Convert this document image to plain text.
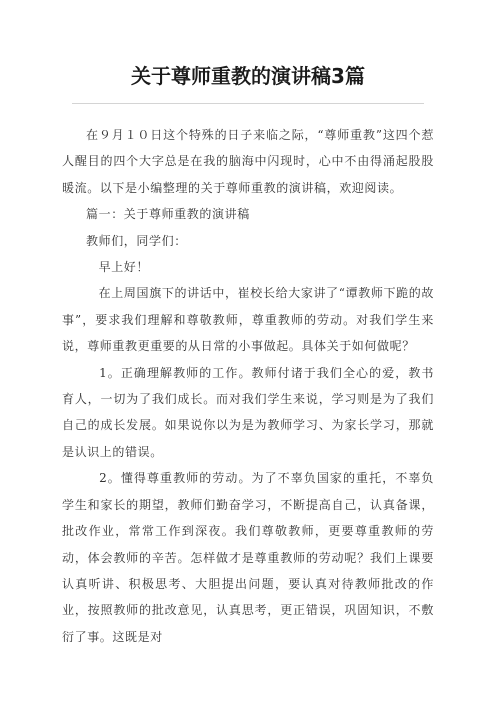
关于尊师重教的演讲稿3篇

在９月１０日这个特殊的日子来临之际，“尊师重教”这四个惹人醒目的四个大字总是在我的脑海中闪现时，心中不由得涌起股股暖流。以下是小编整理的关于尊师重教的演讲稿，欢迎阅读。

篇一：关于尊师重教的演讲稿

教师们，同学们：

　早上好！

　在上周国旗下的讲话中，崔校长给大家讲了“谭教师下跪的故事”，要求我们理解和尊敬教师，尊重教师的劳动。对我们学生来说，尊师重教更重要的从日常的小事做起。具体关于如何做呢？

　1。正确理解教师的工作。教师付诸于我们全心的爱，教书育人，一切为了我们成长。而对我们学生来说，学习则是为了我们自己的成长发展。如果说你以为是为教师学习、为家长学习，那就是认识上的错误。

　2。懂得尊重教师的劳动。为了不辜负国家的重托，不辜负学生和家长的期望，教师们勤奋学习，不断提高自己，认真备课，批改作业，常常工作到深夜。我们尊敬教师，更要尊重教师的劳动，体会教师的辛苦。怎样做才是尊重教师的劳动呢？我们上课要认真听讲、积极思考、大胆提出问题，要认真对待教师批改的作业，按照教师的批改意见，认真思考，更正错误，巩固知识，不敷衍了事。这既是对
